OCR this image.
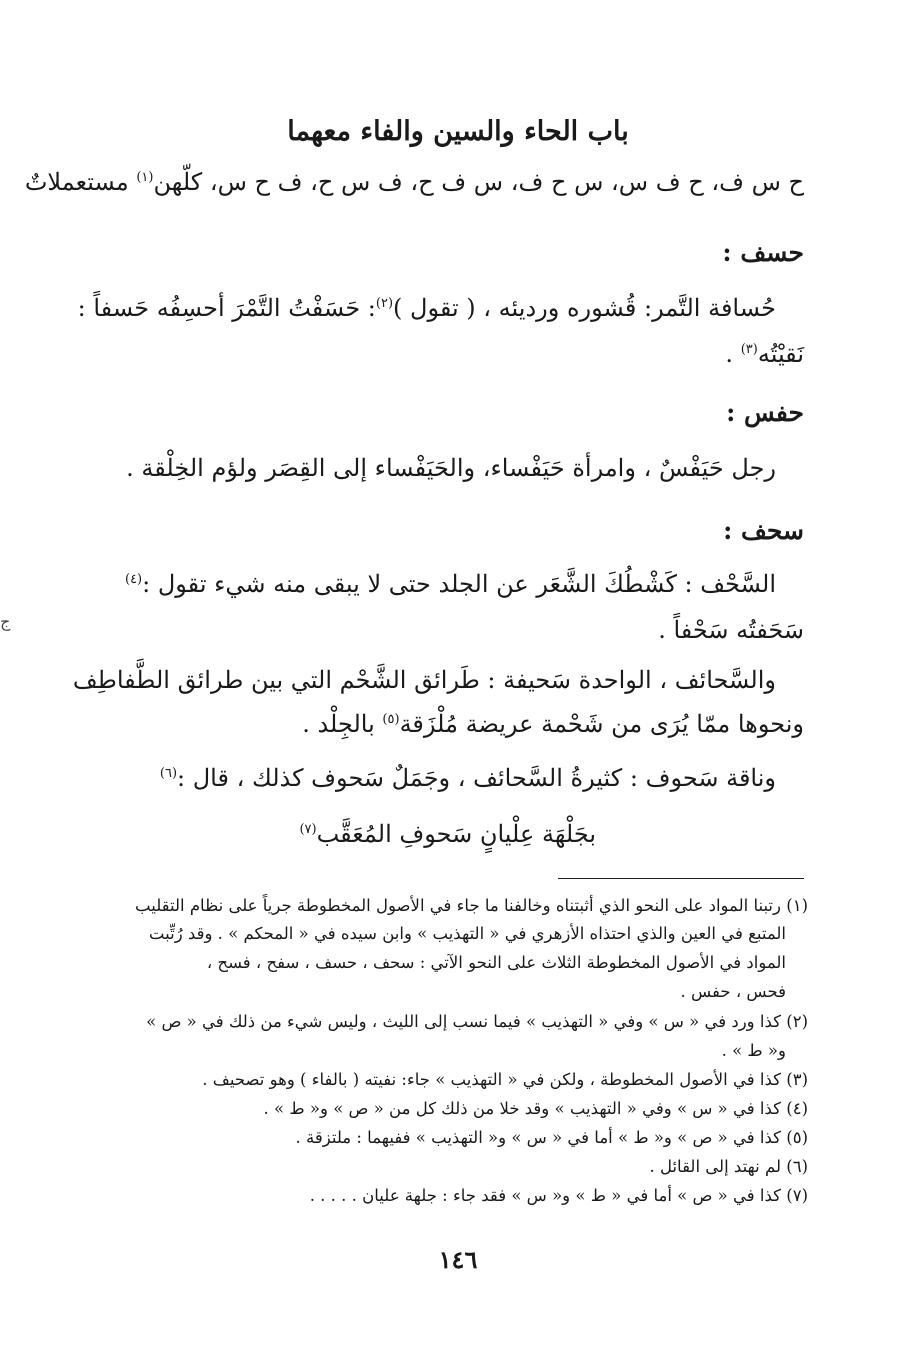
باب الحاء والسين والفاء معهما
ح س ف، ح ف س، س ح ف، س ف ح، ف س ح، ف ح س، كلّهن$^{(١)}$ مستعملاتٌ
حسف :
حُسافة التَّمر: قُشوره ورديئه ، ( تقول )$^{(٢)}$: حَسَفْتُ التَّمْرَ أحسِفُه حَسفاً :
نَقيْتُه$^{(٣)}$ .
حفس :
رجل حَيَفْسٌ ، وامرأة حَيَفْساء، والحَيَفْساء إلى القِصَر ولؤم الخِلْقة .
سحف :
السَّحْف : كَشْطُكَ الشَّعَر عن الجلد حتى لا يبقى منه شيء تقول :$^{(٤)}$
سَحَفتُه سَحْفاً .
والسَّحائف ، الواحدة سَحيفة : طَرائق الشَّحْم التي بين طرائق الطَّفاطِف
ونحوها ممّا يُرَى من شَحْمة عريضة مُلْزَقة$^{(٥)}$ بالجِلْد .
وناقة سَحوف : كثيرةُ السَّحائف ، وجَمَلٌ سَحوف كذلك ، قال :$^{(٦)}$
بجَلْهَة عِلْيانٍ سَحوفِ المُعَقَّب$^{(٧)}$
(١) رتبنا المواد على النحو الذي أثبتناه وخالفنا ما جاء في الأصول المخطوطة جرياً على نظام التقليب
المتبع في العين والذي احتذاه الأزهري في « التهذيب » وابن سيده في « المحكم » . وقد رُتِّبت
المواد في الأصول المخطوطة الثلاث على النحو الآتي : سحف ، حسف ، سفح ، فسح ،
فحس ، حفس .
(٢) كذا ورد في « س » وفي « التهذيب » فيما نسب إلى الليث ، وليس شيء من ذلك في « ص »
و« ط » .
(٣) كذا في الأصول المخطوطة ، ولكن في « التهذيب » جاء: نفيته ( بالفاء ) وهو تصحيف .
(٤) كذا في « س » وفي « التهذيب » وقد خلا من ذلك كل من « ص » و« ط » .
(٥) كذا في « ص » و« ط » أما في « س » و« التهذيب » ففيهما : ملتزقة .
(٦) لم نهتد إلى القائل .
(٧) كذا في « ص » أما في « ط » و« س » فقد جاء : جلهة عليان . . . . .
١٤٦
ج
